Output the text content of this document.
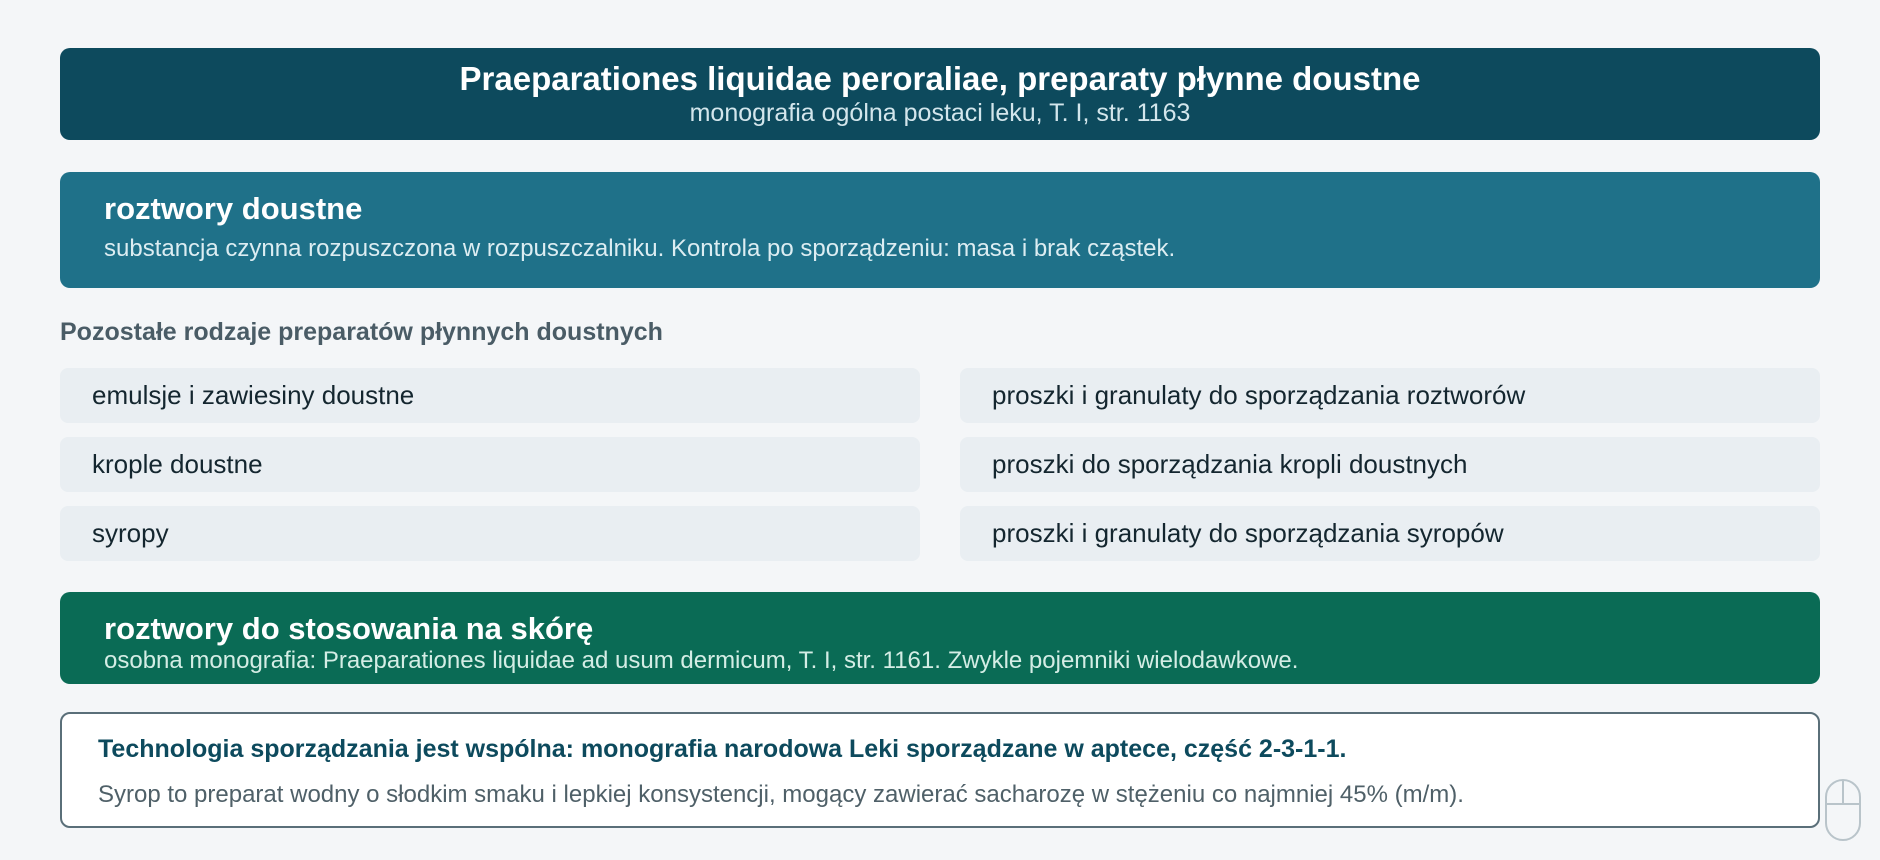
Praeparationes liquidae peroraliae, preparaty płynne doustne
monografia ogólna postaci leku, T. I, str. 1163
roztwory doustne
substancja czynna rozpuszczona w rozpuszczalniku. Kontrola po sporządzeniu: masa i brak cząstek.
Pozostałe rodzaje preparatów płynnych doustnych
emulsje i zawiesiny doustne	proszki i granulaty do sporządzania roztworów
krople doustne	proszki do sporządzania kropli doustnych
syropy	proszki i granulaty do sporządzania syropów
roztwory do stosowania na skórę
osobna monografia: Praeparationes liquidae ad usum dermicum, T. I, str. 1161. Zwykle pojemniki wielodawkowe.
Technologia sporządzania jest wspólna: monografia narodowa Leki sporządzane w aptece, część 2-3-1-1.
Syrop to preparat wodny o słodkim smaku i lepkiej konsystencji, mogący zawierać sacharozę w stężeniu co najmniej 45% (m/m).
